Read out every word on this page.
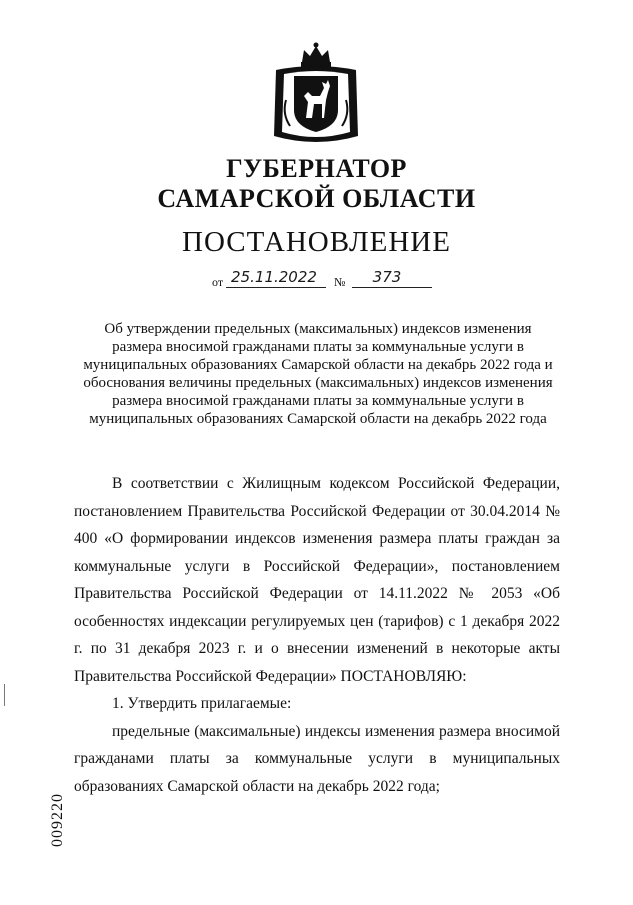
ГУБЕРНАТОР
САМАРСКОЙ ОБЛАСТИ
ПОСТАНОВЛЕНИЕ
от 25.11.2022	№	373
Об утверждении предельных (максимальных) индексов изменения размера вносимой гражданами платы за коммунальные услуги в муниципальных образованиях Самарской области на декабрь 2022 года и обоснования величины предельных (максимальных) индексов изменения размера вносимой гражданами платы за коммунальные услуги в муниципальных образованиях Самарской области на декабрь 2022 года

В соответствии с Жилищным кодексом Российской Федерации, постановлением Правительства Российской Федерации от 30.04.2014 № 400 «О формировании индексов изменения размера платы граждан за коммунальные услуги в Российской Федерации», постановлением Правительства Российской Федерации от 14.11.2022 № 2053 «Об особенностях индексации регулируемых цен (тарифов) с 1 декабря 2022 г. по 31 декабря 2023 г. и о внесении изменений в некоторые акты Правительства Российской Федерации» ПОСТАНОВЛЯЮ:

1. Утвердить прилагаемые:

предельные (максимальные) индексы изменения размера вносимой гражданами платы за коммунальные услуги в муниципальных образованиях Самарской области на декабрь 2022 года;

009220
